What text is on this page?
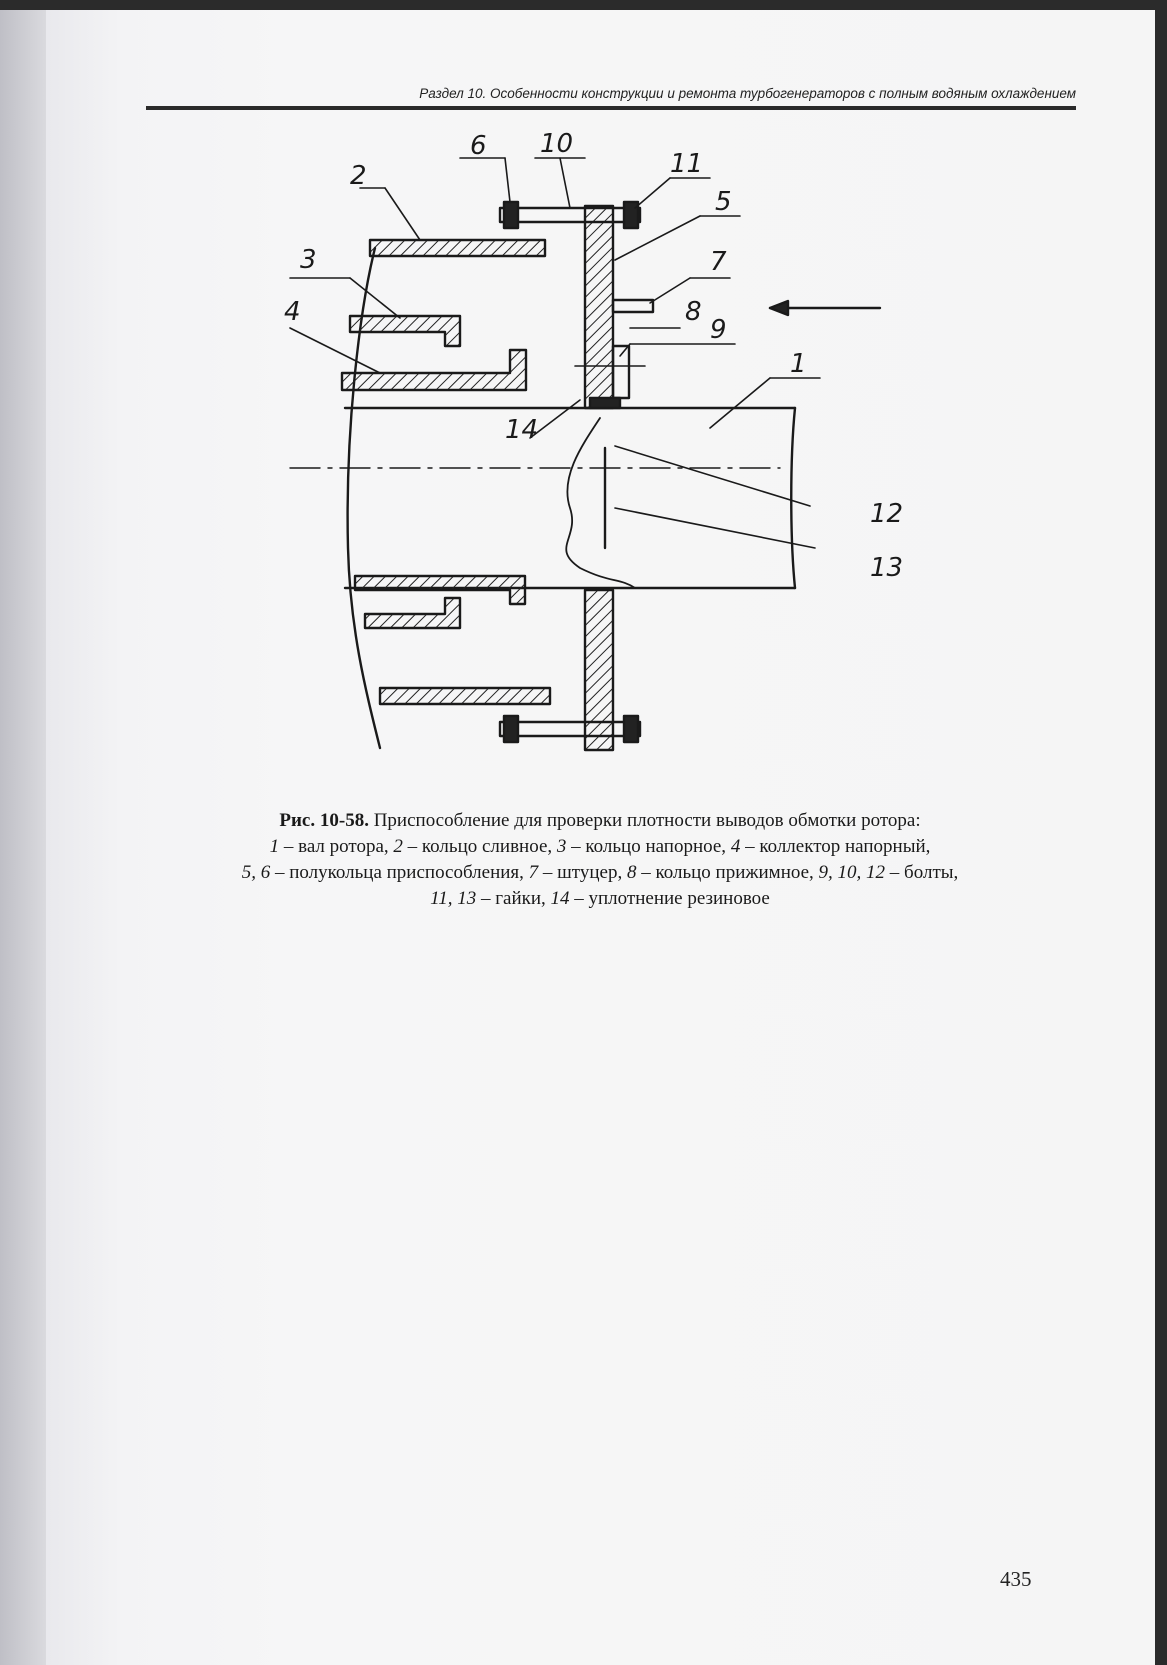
Раздел 10. Особенности конструкции и ремонта турбогенераторов с полным водяным охлаждением
2
3
4
6 10
11
5
7
8
9
1
14
12
13
Рис. 10-58. Приспособление для проверки плотности выводов обмотки ротора:
1 – вал ротора, 2 – кольцо сливное, 3 – кольцо напорное, 4 – коллектор напорный,
5, 6 – полукольца приспособления, 7 – штуцер, 8 – кольцо прижимное, 9, 10, 12 – болты,
11, 13 – гайки, 14 – уплотнение резиновое
435
